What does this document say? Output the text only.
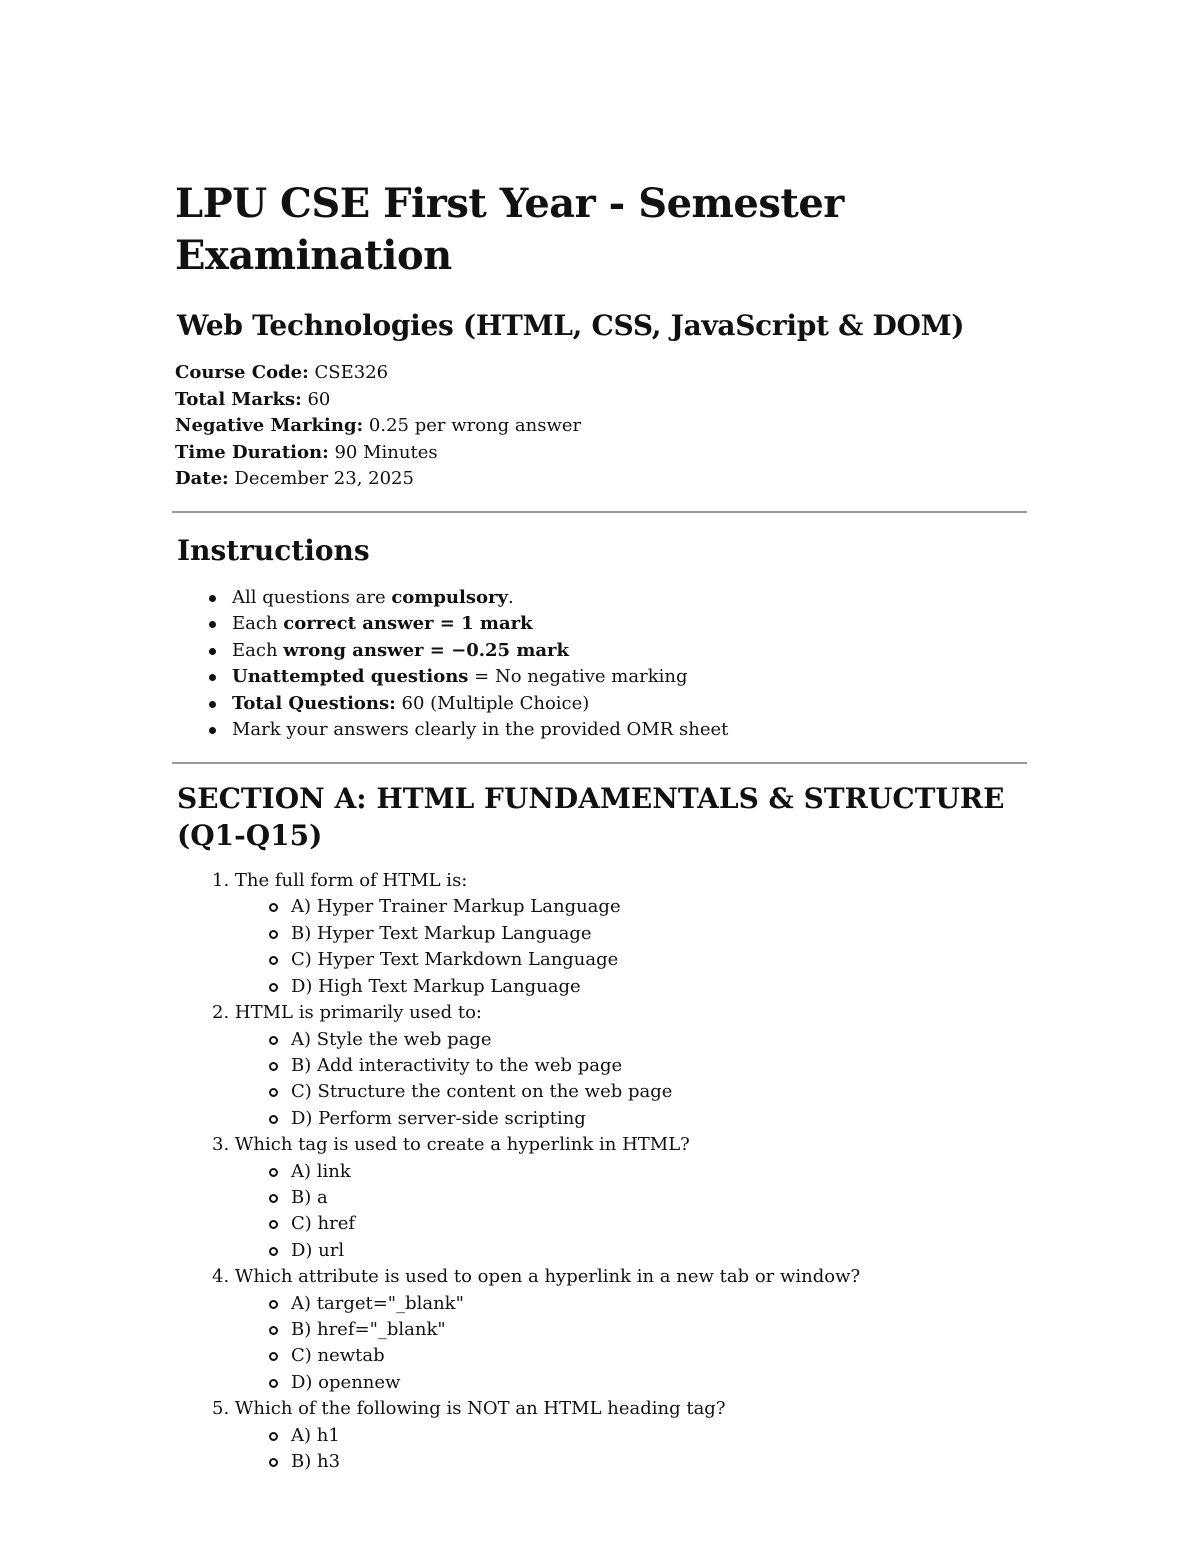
LPU CSE First Year - Semester Examination
Web Technologies (HTML, CSS, JavaScript & DOM)
Course Code: CSE326
Total Marks: 60
Negative Marking: 0.25 per wrong answer
Time Duration: 90 Minutes
Date: December 23, 2025
Instructions
All questions are compulsory.
Each correct answer = 1 mark
Each wrong answer = −0.25 mark
Unattempted questions = No negative marking
Total Questions: 60 (Multiple Choice)
Mark your answers clearly in the provided OMR sheet
SECTION A: HTML FUNDAMENTALS & STRUCTURE (Q1-Q15)
1. The full form of HTML is:
A) Hyper Trainer Markup Language
B) Hyper Text Markup Language
C) Hyper Text Markdown Language
D) High Text Markup Language
2. HTML is primarily used to:
A) Style the web page
B) Add interactivity to the web page
C) Structure the content on the web page
D) Perform server-side scripting
3. Which tag is used to create a hyperlink in HTML?
A) link
B) a
C) href
D) url
4. Which attribute is used to open a hyperlink in a new tab or window?
A) target="_blank"
B) href="_blank"
C) newtab
D) opennew
5. Which of the following is NOT an HTML heading tag?
A) h1
B) h3
